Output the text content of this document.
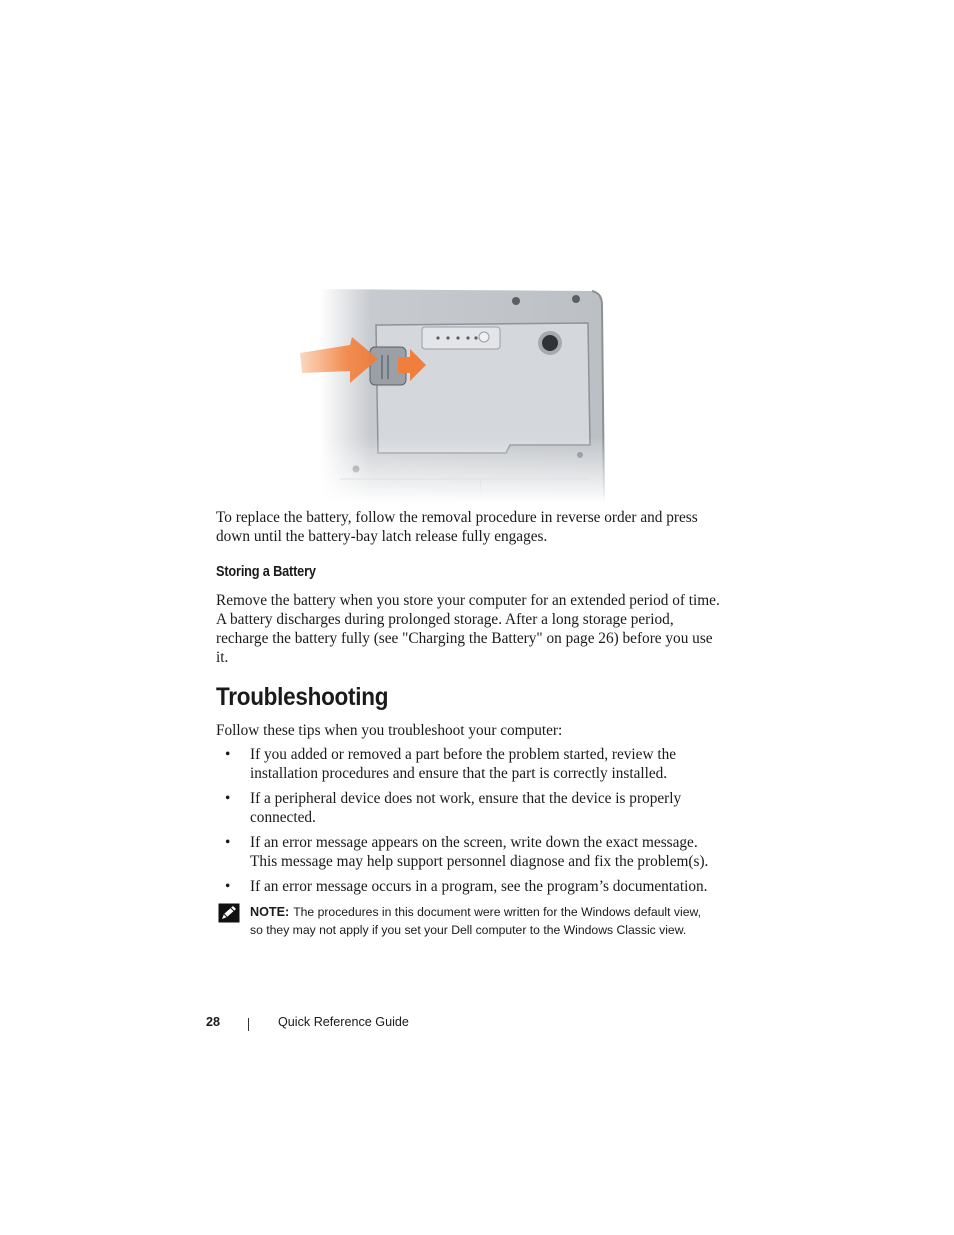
To replace the battery, follow the removal procedure in reverse order and press down until the battery-bay latch release fully engages.

Storing a Battery

Remove the battery when you store your computer for an extended period of time. A battery discharges during prolonged storage. After a long storage period, recharge the battery fully (see "Charging the Battery" on page 26) before you use it.

Troubleshooting

Follow these tips when you troubleshoot your computer:

• If you added or removed a part before the problem started, review the installation procedures and ensure that the part is correctly installed.
• If a peripheral device does not work, ensure that the device is properly connected.
• If an error message appears on the screen, write down the exact message. This message may help support personnel diagnose and fix the problem(s).
• If an error message occurs in a program, see the program’s documentation.

NOTE: The procedures in this document were written for the Windows default view, so they may not apply if you set your Dell computer to the Windows Classic view.

28	Quick Reference Guide
